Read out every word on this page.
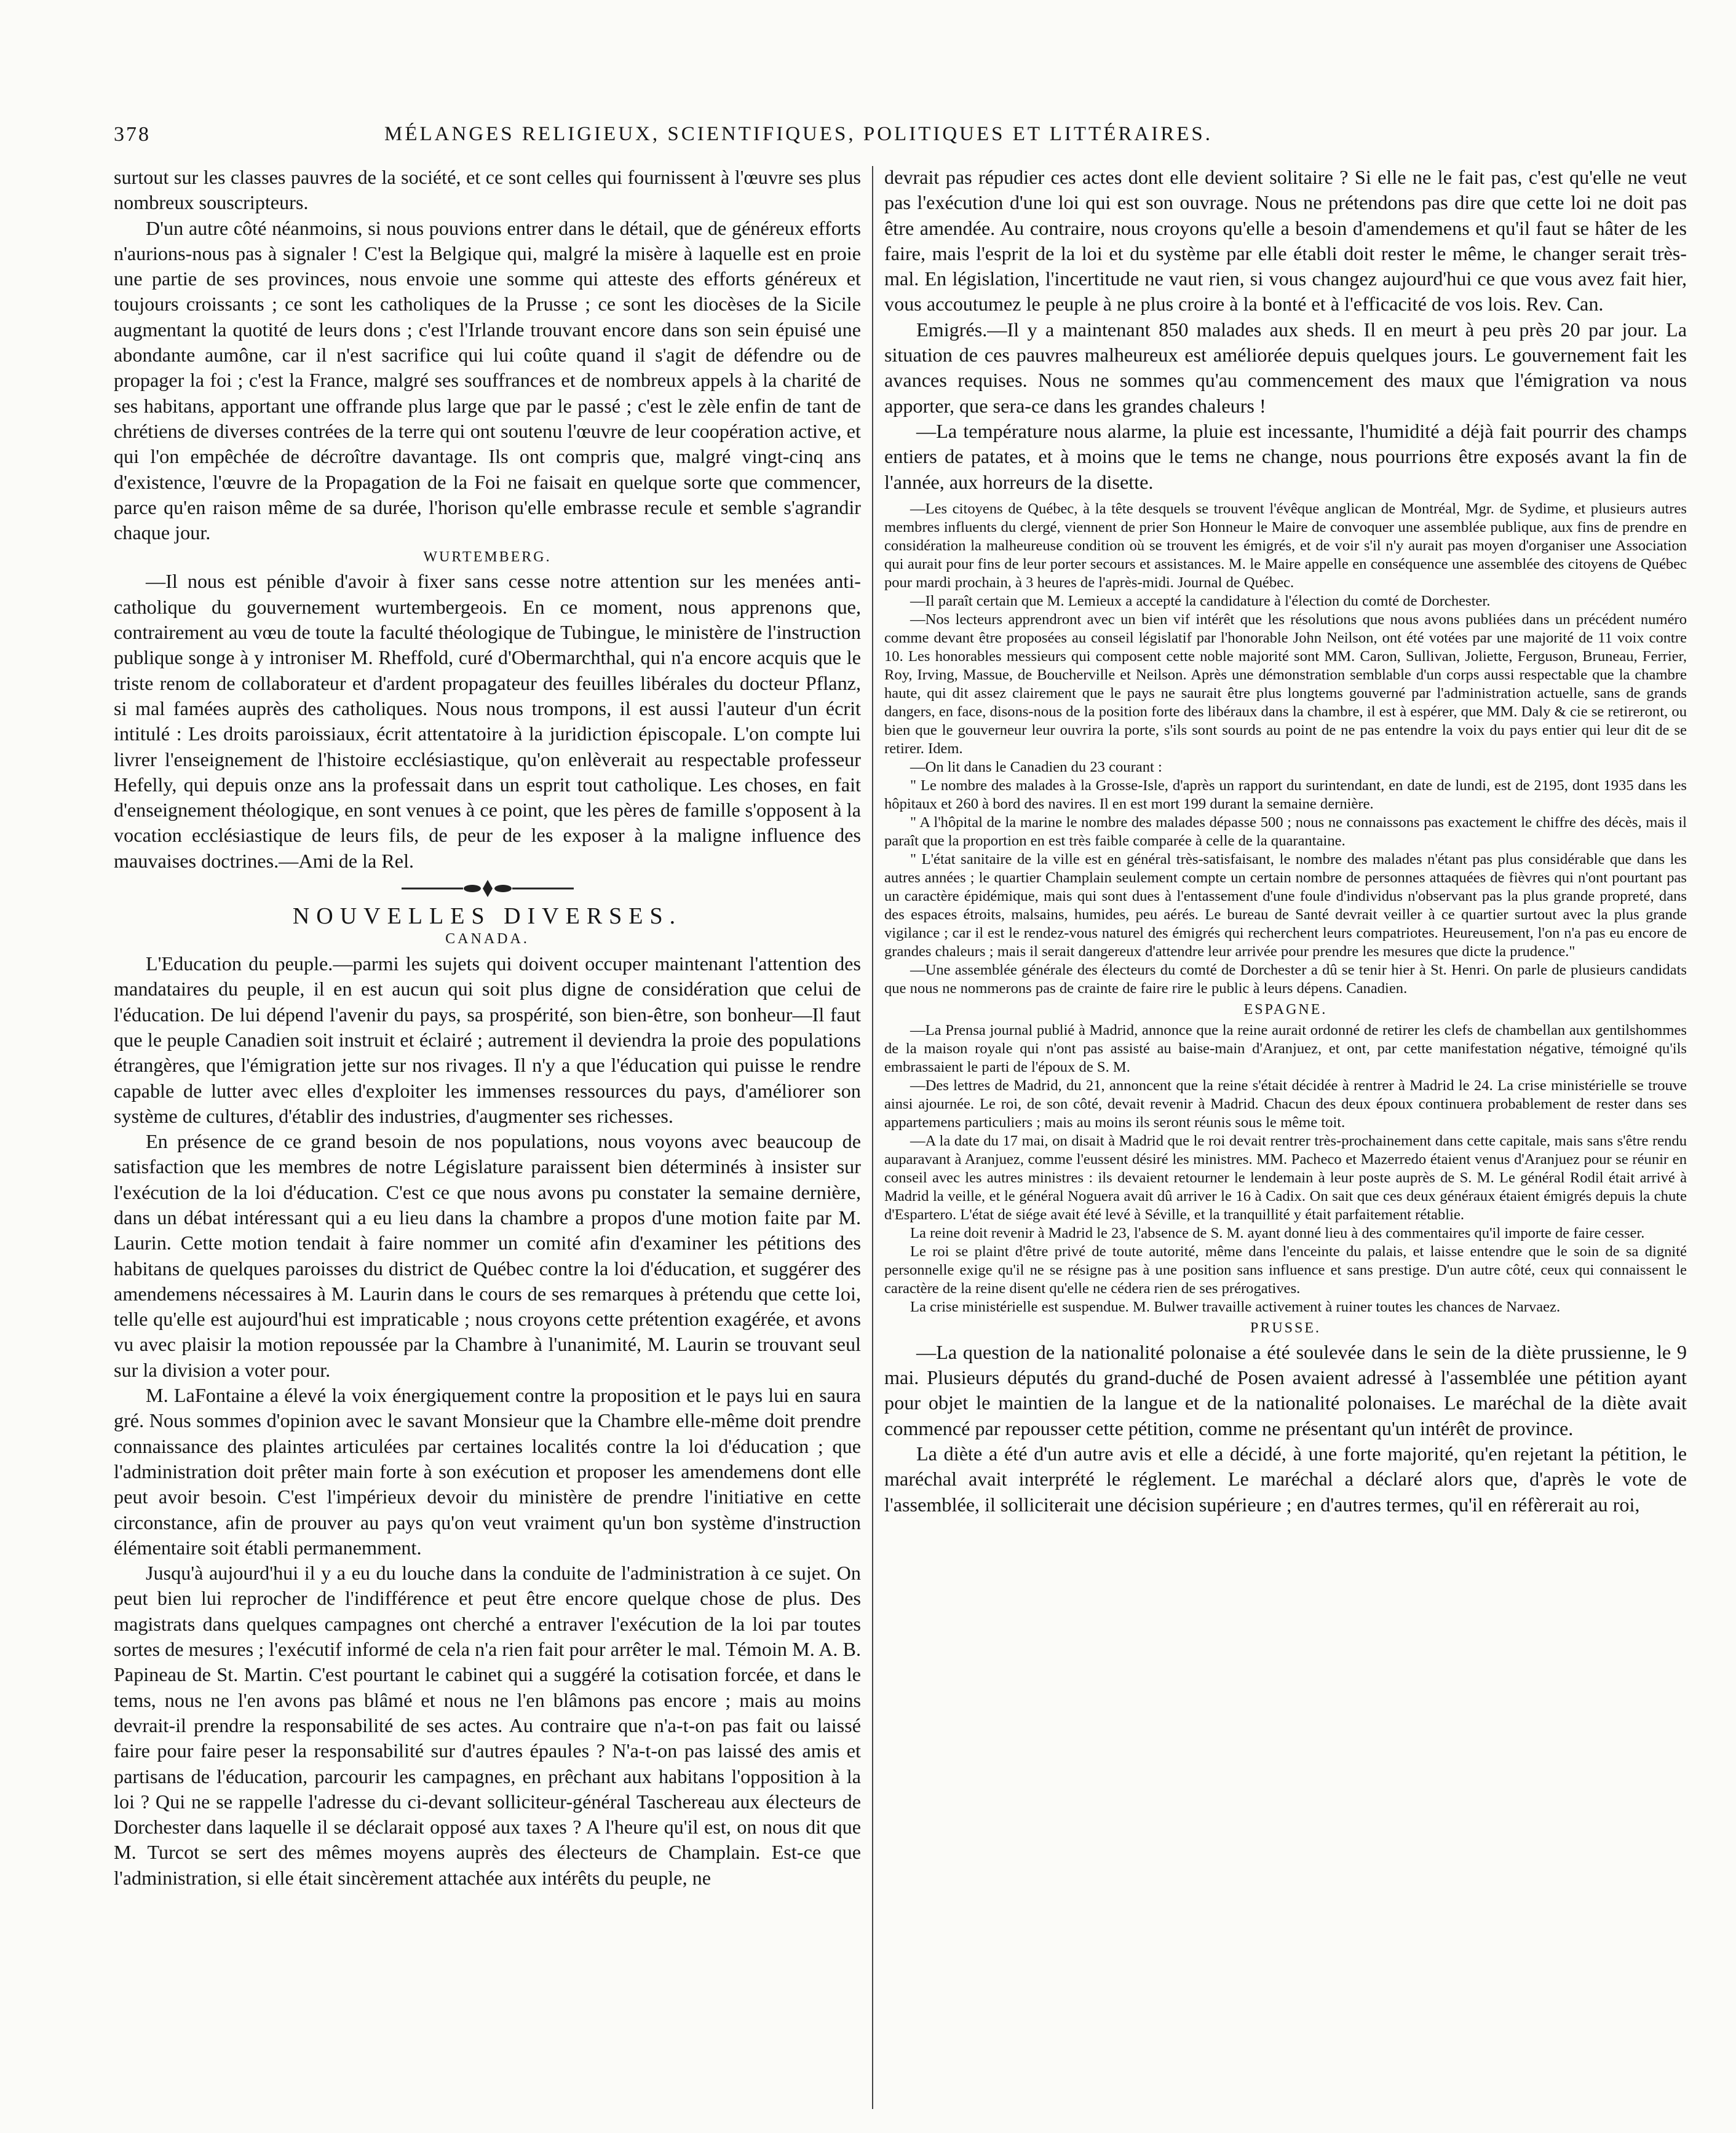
378	MÉLANGES RELIGIEUX, SCIENTIFIQUES, POLITIQUES ET LITTÉRAIRES.

surtout sur les classes pauvres de la société, et ce sont celles qui fournissent à l'œuvre ses plus nombreux souscripteurs.

D'un autre côté néanmoins, si nous pouvions entrer dans le détail, que de généreux efforts n'aurions-nous pas à signaler ! C'est la Belgique qui, malgré la misère à laquelle est en proie une partie de ses provinces, nous envoie une somme qui atteste des efforts généreux et toujours croissants ; ce sont les catholiques de la Prusse ; ce sont les diocèses de la Sicile augmentant la quotité de leurs dons ; c'est l'Irlande trouvant encore dans son sein épuisé une abondante aumône, car il n'est sacrifice qui lui coûte quand il s'agit de défendre ou de propager la foi ; c'est la France, malgré ses souffrances et de nombreux appels à la charité de ses habitans, apportant une offrande plus large que par le passé ; c'est le zèle enfin de tant de chrétiens de diverses contrées de la terre qui ont soutenu l'œuvre de leur coopération active, et qui l'on empêchée de décroître davantage. Ils ont compris que, malgré vingt-cinq ans d'existence, l'œuvre de la Propagation de la Foi ne faisait en quelque sorte que commencer, parce qu'en raison même de sa durée, l'horison qu'elle embrasse recule et semble s'agrandir chaque jour.

WURTEMBERG.

—Il nous est pénible d'avoir à fixer sans cesse notre attention sur les menées anti-catholique du gouvernement wurtembergeois. En ce moment, nous apprenons que, contrairement au vœu de toute la faculté théologique de Tubingue, le ministère de l'instruction publique songe à y introniser M. Rheffold, curé d'Obermarchthal, qui n'a encore acquis que le triste renom de collaborateur et d'ardent propagateur des feuilles libérales du docteur Pflanz, si mal famées auprès des catholiques. Nous nous trompons, il est aussi l'auteur d'un écrit intitulé : Les droits paroissiaux, écrit attentatoire à la juridiction épiscopale. L'on compte lui livrer l'enseignement de l'histoire ecclésiastique, qu'on enlèverait au respectable professeur Hefelly, qui depuis onze ans la professait dans un esprit tout catholique. Les choses, en fait d'enseignement théologique, en sont venues à ce point, que les pères de famille s'opposent à la vocation ecclésiastique de leurs fils, de peur de les exposer à la maligne influence des mauvaises doctrines.—Ami de la Rel.

NOUVELLES DIVERSES.
CANADA.

L'Education du peuple.—parmi les sujets qui doivent occuper maintenant l'attention des mandataires du peuple, il en est aucun qui soit plus digne de considération que celui de l'éducation. De lui dépend l'avenir du pays, sa prospérité, son bien-être, son bonheur—Il faut que le peuple Canadien soit instruit et éclairé ; autrement il deviendra la proie des populations étrangères, que l'émigration jette sur nos rivages. Il n'y a que l'éducation qui puisse le rendre capable de lutter avec elles d'exploiter les immenses ressources du pays, d'améliorer son système de cultures, d'établir des industries, d'augmenter ses richesses.

En présence de ce grand besoin de nos populations, nous voyons avec beaucoup de satisfaction que les membres de notre Législature paraissent bien déterminés à insister sur l'exécution de la loi d'éducation. C'est ce que nous avons pu constater la semaine dernière, dans un débat intéressant qui a eu lieu dans la chambre a propos d'une motion faite par M. Laurin. Cette motion tendait à faire nommer un comité afin d'examiner les pétitions des habitans de quelques paroisses du district de Québec contre la loi d'éducation, et suggérer des amendemens nécessaires à M. Laurin dans le cours de ses remarques à prétendu que cette loi, telle qu'elle est aujourd'hui est impraticable ; nous croyons cette prétention exagérée, et avons vu avec plaisir la motion repoussée par la Chambre à l'unanimité, M. Laurin se trouvant seul sur la division a voter pour.

M. LaFontaine a élevé la voix énergiquement contre la proposition et le pays lui en saura gré. Nous sommes d'opinion avec le savant Monsieur que la Chambre elle-même doit prendre connaissance des plaintes articulées par certaines localités contre la loi d'éducation ; que l'administration doit prêter main forte à son exécution et proposer les amendemens dont elle peut avoir besoin. C'est l'impérieux devoir du ministère de prendre l'initiative en cette circonstance, afin de prouver au pays qu'on veut vraiment qu'un bon système d'instruction élémentaire soit établi permanemment.

Jusqu'à aujourd'hui il y a eu du louche dans la conduite de l'administration à ce sujet. On peut bien lui reprocher de l'indifférence et peut être encore quelque chose de plus. Des magistrats dans quelques campagnes ont cherché a entraver l'exécution de la loi par toutes sortes de mesures ; l'exécutif informé de cela n'a rien fait pour arrêter le mal. Témoin M. A. B. Papineau de St. Martin. C'est pourtant le cabinet qui a suggéré la cotisation forcée, et dans le tems, nous ne l'en avons pas blâmé et nous ne l'en blâmons pas encore ; mais au moins devrait-il prendre la responsabilité de ses actes. Au contraire que n'a-t-on pas fait ou laissé faire pour faire peser la responsabilité sur d'autres épaules ? N'a-t-on pas laissé des amis et partisans de l'éducation, parcourir les campagnes, en prêchant aux habitans l'opposition à la loi ? Qui ne se rappelle l'adresse du ci-devant solliciteur-général Taschereau aux électeurs de Dorchester dans laquelle il se déclarait opposé aux taxes ? A l'heure qu'il est, on nous dit que M. Turcot se sert des mêmes moyens auprès des électeurs de Champlain. Est-ce que l'administration, si elle était sincèrement attachée aux intérêts du peuple, ne

devrait pas répudier ces actes dont elle devient solitaire ? Si elle ne le fait pas, c'est qu'elle ne veut pas l'exécution d'une loi qui est son ouvrage. Nous ne prétendons pas dire que cette loi ne doit pas être amendée. Au contraire, nous croyons qu'elle a besoin d'amendemens et qu'il faut se hâter de les faire, mais l'esprit de la loi et du système par elle établi doit rester le même, le changer serait très-mal. En législation, l'incertitude ne vaut rien, si vous changez aujourd'hui ce que vous avez fait hier, vous accoutumez le peuple à ne plus croire à la bonté et à l'efficacité de vos lois. Rev. Can.

Emigrés.—Il y a maintenant 850 malades aux sheds. Il en meurt à peu près 20 par jour. La situation de ces pauvres malheureux est améliorée depuis quelques jours. Le gouvernement fait les avances requises. Nous ne sommes qu'au commencement des maux que l'émigration va nous apporter, que sera-ce dans les grandes chaleurs !

—La température nous alarme, la pluie est incessante, l'humidité a déjà fait pourrir des champs entiers de patates, et à moins que le tems ne change, nous pourrions être exposés avant la fin de l'année, aux horreurs de la disette.

—Les citoyens de Québec, à la tête desquels se trouvent l'évêque anglican de Montréal, Mgr. de Sydime, et plusieurs autres membres influents du clergé, viennent de prier Son Honneur le Maire de convoquer une assemblée publique, aux fins de prendre en considération la malheureuse condition où se trouvent les émigrés, et de voir s'il n'y aurait pas moyen d'organiser une Association qui aurait pour fins de leur porter secours et assistances. M. le Maire appelle en conséquence une assemblée des citoyens de Québec pour mardi prochain, à 3 heures de l'après-midi. Journal de Québec.

—Il paraît certain que M. Lemieux a accepté la candidature à l'élection du comté de Dorchester.

—Nos lecteurs apprendront avec un bien vif intérêt que les résolutions que nous avons publiées dans un précédent numéro comme devant être proposées au conseil législatif par l'honorable John Neilson, ont été votées par une majorité de 11 voix contre 10. Les honorables messieurs qui composent cette noble majorité sont MM. Caron, Sullivan, Joliette, Ferguson, Bruneau, Ferrier, Roy, Irving, Massue, de Boucherville et Neilson. Après une démonstration semblable d'un corps aussi respectable que la chambre haute, qui dit assez clairement que le pays ne saurait être plus longtems gouverné par l'administration actuelle, sans de grands dangers, en face, disons-nous de la position forte des libéraux dans la chambre, il est à espérer, que MM. Daly & cie se retireront, ou bien que le gouverneur leur ouvrira la porte, s'ils sont sourds au point de ne pas entendre la voix du pays entier qui leur dit de se retirer. Idem.

—On lit dans le Canadien du 23 courant :

" Le nombre des malades à la Grosse-Isle, d'après un rapport du surintendant, en date de lundi, est de 2195, dont 1935 dans les hôpitaux et 260 à bord des navires. Il en est mort 199 durant la semaine dernière.

" A l'hôpital de la marine le nombre des malades dépasse 500 ; nous ne connaissons pas exactement le chiffre des décès, mais il paraît que la proportion en est très faible comparée à celle de la quarantaine.

" L'état sanitaire de la ville est en général très-satisfaisant, le nombre des malades n'étant pas plus considérable que dans les autres années ; le quartier Champlain seulement compte un certain nombre de personnes attaquées de fièvres qui n'ont pourtant pas un caractère épidémique, mais qui sont dues à l'entassement d'une foule d'individus n'observant pas la plus grande propreté, dans des espaces étroits, malsains, humides, peu aérés. Le bureau de Santé devrait veiller à ce quartier surtout avec la plus grande vigilance ; car il est le rendez-vous naturel des émigrés qui recherchent leurs compatriotes. Heureusement, l'on n'a pas eu encore de grandes chaleurs ; mais il serait dangereux d'attendre leur arrivée pour prendre les mesures que dicte la prudence."

—Une assemblée générale des électeurs du comté de Dorchester a dû se tenir hier à St. Henri. On parle de plusieurs candidats que nous ne nommerons pas de crainte de faire rire le public à leurs dépens. Canadien.

ESPAGNE.

—La Prensa journal publié à Madrid, annonce que la reine aurait ordonné de retirer les clefs de chambellan aux gentilshommes de la maison royale qui n'ont pas assisté au baise-main d'Aranjuez, et ont, par cette manifestation négative, témoigné qu'ils embrassaient le parti de l'époux de S. M.

—Des lettres de Madrid, du 21, annoncent que la reine s'était décidée à rentrer à Madrid le 24. La crise ministérielle se trouve ainsi ajournée. Le roi, de son côté, devait revenir à Madrid. Chacun des deux époux continuera probablement de rester dans ses appartemens particuliers ; mais au moins ils seront réunis sous le même toit.

—A la date du 17 mai, on disait à Madrid que le roi devait rentrer très-prochainement dans cette capitale, mais sans s'être rendu auparavant à Aranjuez, comme l'eussent désiré les ministres. MM. Pacheco et Mazerredo étaient venus d'Aranjuez pour se réunir en conseil avec les autres ministres : ils devaient retourner le lendemain à leur poste auprès de S. M. Le général Rodil était arrivé à Madrid la veille, et le général Noguera avait dû arriver le 16 à Cadix. On sait que ces deux généraux étaient émigrés depuis la chute d'Espartero. L'état de siége avait été levé à Séville, et la tranquillité y était parfaitement rétablie.

La reine doit revenir à Madrid le 23, l'absence de S. M. ayant donné lieu à des commentaires qu'il importe de faire cesser.

Le roi se plaint d'être privé de toute autorité, même dans l'enceinte du palais, et laisse entendre que le soin de sa dignité personnelle exige qu'il ne se résigne pas à une position sans influence et sans prestige. D'un autre côté, ceux qui connaissent le caractère de la reine disent qu'elle ne cédera rien de ses prérogatives.

La crise ministérielle est suspendue. M. Bulwer travaille activement à ruiner toutes les chances de Narvaez.

PRUSSE.

—La question de la nationalité polonaise a été soulevée dans le sein de la diète prussienne, le 9 mai. Plusieurs députés du grand-duché de Posen avaient adressé à l'assemblée une pétition ayant pour objet le maintien de la langue et de la nationalité polonaises. Le maréchal de la diète avait commencé par repousser cette pétition, comme ne présentant qu'un intérêt de province.

La diète a été d'un autre avis et elle a décidé, à une forte majorité, qu'en rejetant la pétition, le maréchal avait interprété le réglement. Le maréchal a déclaré alors que, d'après le vote de l'assemblée, il solliciterait une décision supérieure ; en d'autres termes, qu'il en réfèrerait au roi,
